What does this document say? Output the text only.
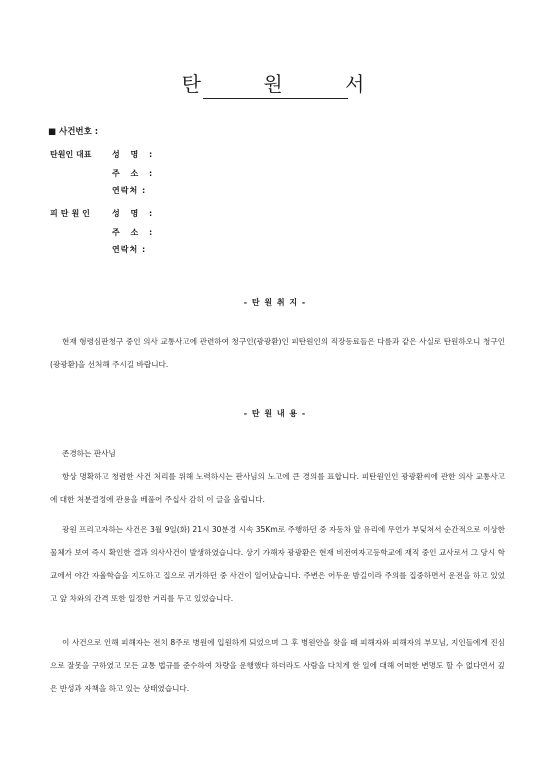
탄 원 서
■ 사건번호 :
탄원인 대표	성 명 :
주 소 :
연락처 :
피탄원인 성 명 :
주 소 :
연락처 :
- 탄 원 취 지 -

현재 형령심판청구 중인 의사 교통사고에 관련하여 청구인(광광환)인 피탄원인의 직장동료들은 다름과 같은 사실로 탄원하오니 청구인(광광환)을 선처해 주시길 바랍니다.

- 탄 원 내 용 -

존경하는 판사님

항상 명확하고 청렴한 사건 처리를 위해 노력하시는 판사님의 노고에 큰 경의를 표합니다. 피탄원인인 광광환씨에 관한 의사 교통사고에 대한 처분결정에 관용을 베풀어 주십사 감히 이 글을 올립니다.

광원 프리고자하는 사건은 3월 9일(화) 21시 30분경 시속 35Km로 주행하던 중 자동차 앞 유리에 무언가 부딪쳐서 순간적으로 이상한 물체가 보여 즉시 확인한 결과 의사사건이 발생하였습니다. 상기 가해자 광광환은 현재 비전여자고등학교에 재직 중인 교사로서 그 당시 학교에서 야간 자율학습을 지도하고 집으로 귀가하던 중 사건이 일어났습니다. 주변은 어두운 밤길이라 주의를 집중하면서 운전을 하고 있었고 앞 차와의 간격 또한 일정한 거리를 두고 있었습니다.

이 사건으로 인해 피해자는 전치 8주로 병원에 입원하게 되었으며 그 후 병원안을 찾을 때 피해자와 피해자의 부모님, 지인들에게 진심으로 잘못을 구하였고 모든 교통 법규를 준수하여 차량을 운행했다 하더라도 사람을 다치게 한 일에 대해 어떠한 변명도 할 수 없다면서 깊은 반성과 자책을 하고 있는 상태였습니다.
